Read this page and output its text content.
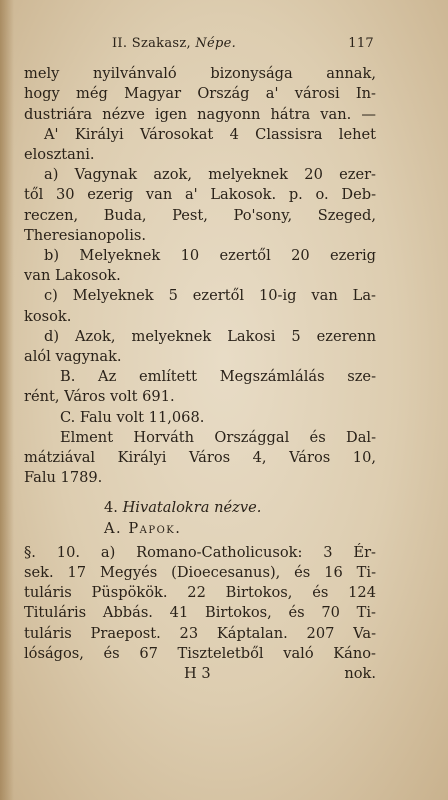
II. Szakasz, Népe.	117
mely nyilvánvaló bizonysága annak,
hogy még Magyar Ország a' városi In-
dustriára nézve igen nagyonn hátra van. —
A' Királyi Városokat 4 Classisra lehet
elosztani.
a) Vagynak azok, melyeknek 20 ezer-
től 30 ezerig van a' Lakosok. p. o. Deb-
reczen, Buda, Pest, Po'sony, Szeged,
Theresianopolis.
b) Melyeknek 10 ezertől 20 ezerig
van Lakosok.
c) Melyeknek 5 ezertől 10-ig van La-
kosok.
d) Azok, melyeknek Lakosi 5 ezerenn
alól vagynak.
B. Az említett Megszámlálás sze-
rént, Város volt 691.
C. Falu volt 11,068.
Elment Horváth Országgal és Dal-
mátziával Királyi Város 4, Város 10,
Falu 1789.
4. Hivatalokra nézve.
A. Papok.
§. 10. a) Romano-Catholicusok: 3 Ér-
sek. 17 Megyés (Dioecesanus), és 16 Ti-
tuláris Püspökök. 22 Birtokos, és 124
Tituláris Abbás. 41 Birtokos, és 70 Ti-
tuláris Praepost. 23 Káptalan. 207 Va-
lóságos, és 67 Tiszteletből való Káno-
H 3	nok.
